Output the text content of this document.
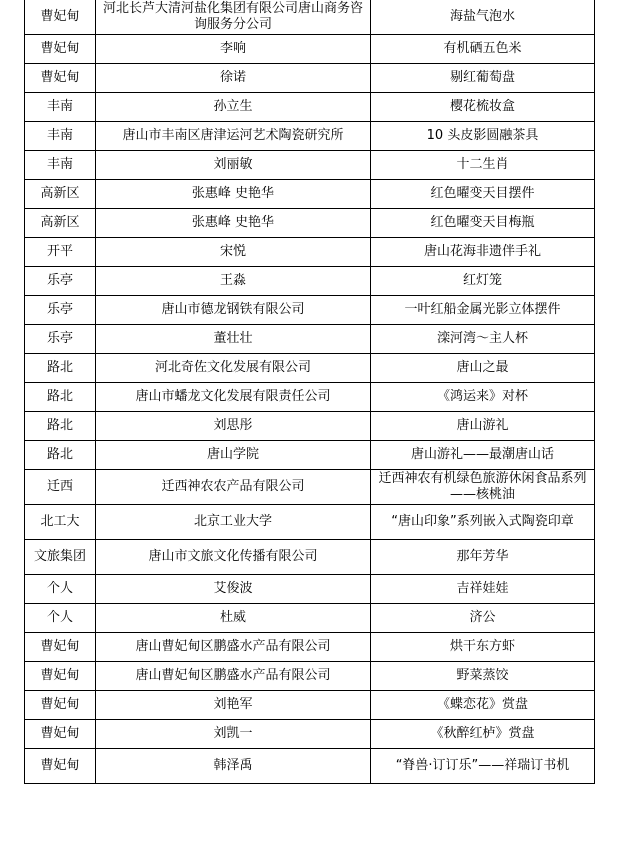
曹妃甸	河北长芦大清河盐化集团有限公司唐山商务咨询服务分公司	海盐气泡水
曹妃甸	李响	有机硒五色米
曹妃甸	徐诺	剔红葡萄盘
丰南	孙立生	樱花梳妆盒
丰南	唐山市丰南区唐津运河艺术陶瓷研究所	10 头皮影圆融茶具
丰南	刘丽敏	十二生肖
高新区	张惠峰 史艳华	红色曜变天目摆件
高新区	张惠峰 史艳华	红色曜变天目梅瓶
开平	宋悦	唐山花海非遗伴手礼
乐亭	王淼	红灯笼
乐亭	唐山市德龙钢铁有限公司	一叶红船金属光影立体摆件
乐亭	董壮壮	滦河湾～主人杯
路北	河北奇佐文化发展有限公司	唐山之最
路北	唐山市蟠龙文化发展有限责任公司	《鸿运来》对杯
路北	刘思彤	唐山游礼
路北	唐山学院	唐山游礼——最潮唐山话
迁西	迁西神农农产品有限公司	迁西神农有机绿色旅游休闲食品系列——核桃油
北工大	北京工业大学	“唐山印象”系列嵌入式陶瓷印章
文旅集团	唐山市文旅文化传播有限公司	那年芳华
个人	艾俊波	吉祥娃娃
个人	杜威	济公
曹妃甸	唐山曹妃甸区鹏盛水产品有限公司	烘干东方虾
曹妃甸	唐山曹妃甸区鹏盛水产品有限公司	野菜蒸饺
曹妃甸	刘艳军	《蝶恋花》赏盘
曹妃甸	刘凯一	《秋醉红栌》赏盘
曹妃甸	韩泽禹	“脊兽·订订乐”——祥瑞订书机
